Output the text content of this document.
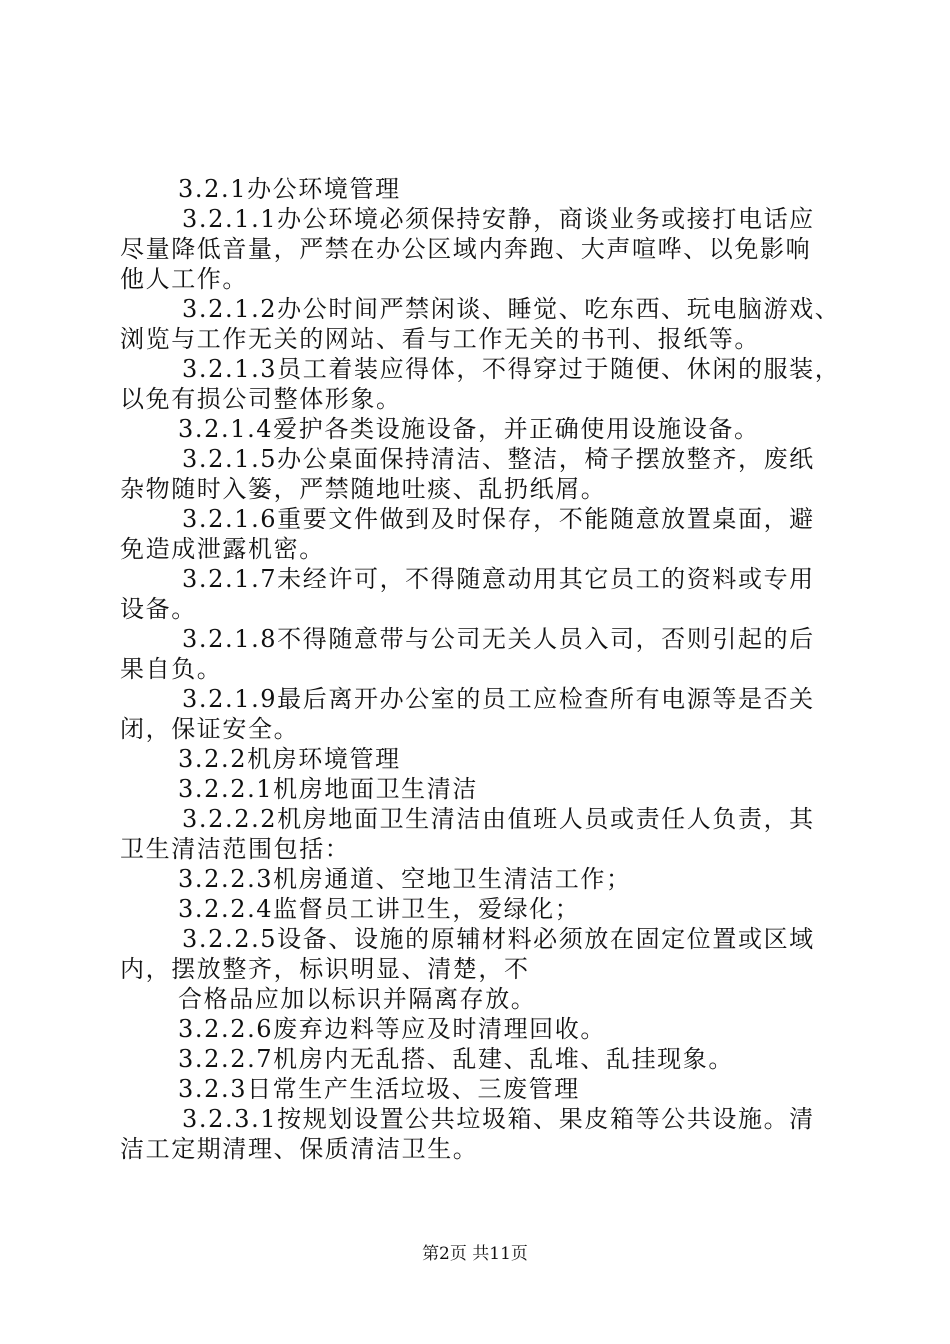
3.2.1办公环境管理

3.2.1.1办公环境必须保持安静，商谈业务或接打电话应

尽量降低音量，严禁在办公区域内奔跑、大声喧哗、以免影响

他人工作。

3.2.1.2办公时间严禁闲谈、睡觉、吃东西、玩电脑游戏、

浏览与工作无关的网站、看与工作无关的书刊、报纸等。

3.2.1.3员工着装应得体，不得穿过于随便、休闲的服装，

以免有损公司整体形象。

3.2.1.4爱护各类设施设备，并正确使用设施设备。

3.2.1.5办公桌面保持清洁、整洁，椅子摆放整齐，废纸

杂物随时入篓，严禁随地吐痰、乱扔纸屑。

3.2.1.6重要文件做到及时保存，不能随意放置桌面，避

免造成泄露机密。

3.2.1.7未经许可，不得随意动用其它员工的资料或专用

设备。

3.2.1.8不得随意带与公司无关人员入司，否则引起的后

果自负。

3.2.1.9最后离开办公室的员工应检查所有电源等是否关

闭，保证安全。

3.2.2机房环境管理

3.2.2.1机房地面卫生清洁

3.2.2.2机房地面卫生清洁由值班人员或责任人负责，其

卫生清洁范围包括：

3.2.2.3机房通道、空地卫生清洁工作；

3.2.2.4监督员工讲卫生，爱绿化；

3.2.2.5设备、设施的原辅材料必须放在固定位置或区域

内，摆放整齐，标识明显、清楚，不

合格品应加以标识并隔离存放。

3.2.2.6废弃边料等应及时清理回收。

3.2.2.7机房内无乱搭、乱建、乱堆、乱挂现象。

3.2.3日常生产生活垃圾、三废管理

3.2.3.1按规划设置公共垃圾箱、果皮箱等公共设施。清

洁工定期清理、保质清洁卫生。

第2页 共11页
